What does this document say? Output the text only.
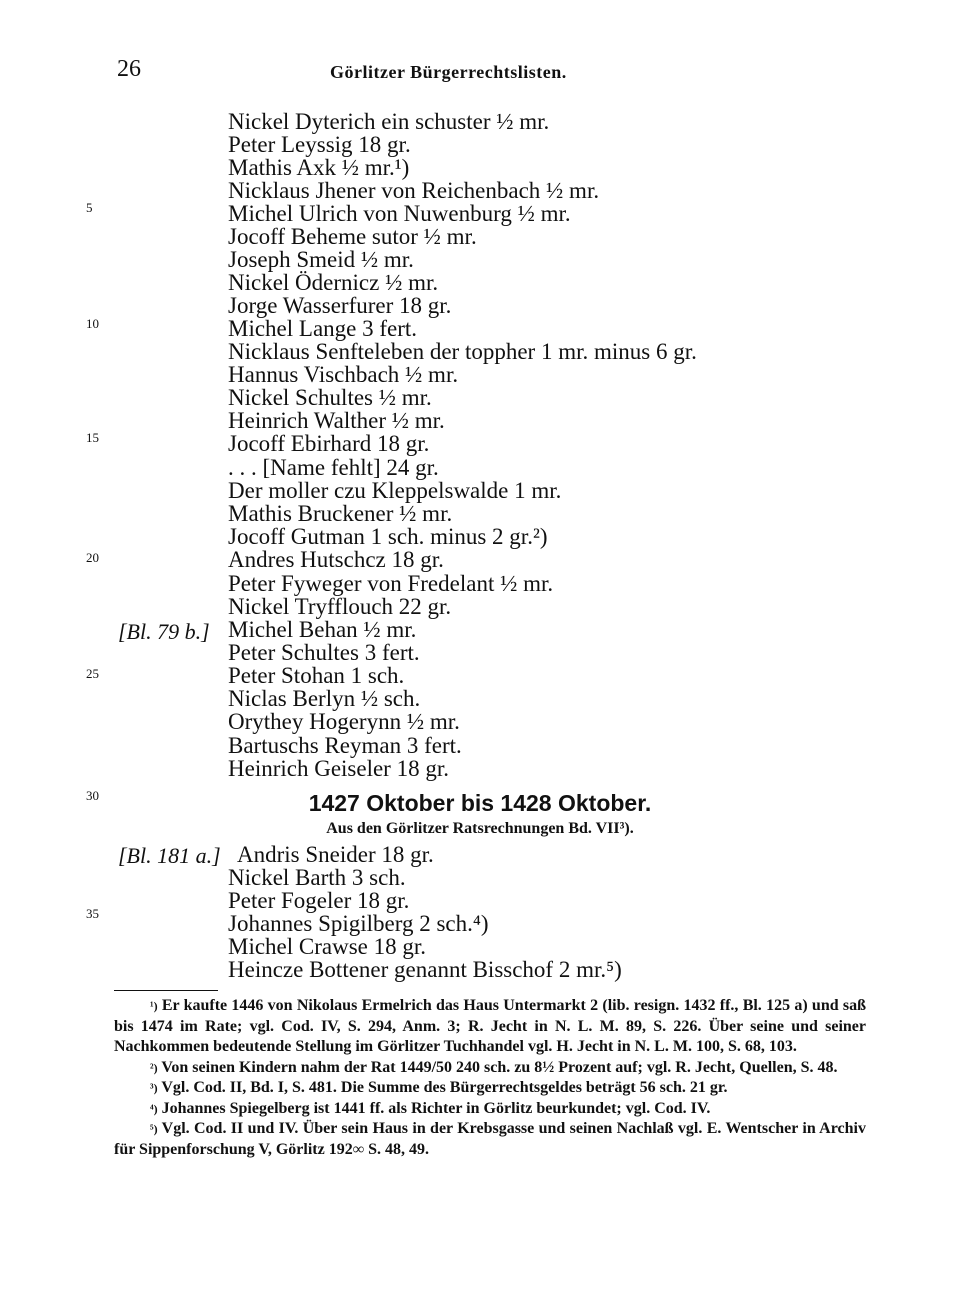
26	Görlitzer Bürgerrechtslisten.
5
10
15
20
25
30
35
[Bl. 79 b.]
[Bl. 181 a.]
Nickel Dyterich ein schuster ½ mr.
Peter Leyssig 18 gr.
Mathis Axk ½ mr.¹)
Nicklaus Jhener von Reichenbach ½ mr.
Michel Ulrich von Nuwenburg ½ mr.
Jocoff Beheme sutor ½ mr.
Joseph Smeid ½ mr.
Nickel Ödernicz ½ mr.
Jorge Wasserfurer 18 gr.
Michel Lange 3 fert.
Nicklaus Senfteleben der toppher 1 mr. minus 6 gr.
Hannus Vischbach ½ mr.
Nickel Schultes ½ mr.
Heinrich Walther ½ mr.
Jocoff Ebirhard 18 gr.
. . . [Name fehlt] 24 gr.
Der moller czu Kleppelswalde 1 mr.
Mathis Bruckener ½ mr.
Jocoff Gutman 1 sch. minus 2 gr.²)
Andres Hutschcz 18 gr.
Peter Fyweger von Fredelant ½ mr.
Nickel Tryfflouch 22 gr.
Michel Behan ½ mr.
Peter Schultes 3 fert.
Peter Stohan 1 sch.
Niclas Berlyn ½ sch.
Orythey Hogerynn ½ mr.
Bartuschs Reyman 3 fert.
Heinrich Geiseler 18 gr.
1427 Oktober bis 1428 Oktober.
Aus den Görlitzer Ratsrechnungen Bd. VII³).
Andris Sneider 18 gr.
Nickel Barth 3 sch.
Peter Fogeler 18 gr.
Johannes Spigilberg 2 sch.⁴)
Michel Crawse 18 gr.
Heincze Bottener genannt Bisschof 2 mr.⁵)

$^{^1)}$ Er kaufte 1446 von Nikolaus Ermelrich das Haus Untermarkt 2 (lib. resign. 1432 ff., Bl. 125 a) und saß bis 1474 im Rate; vgl. Cod. IV, S. 294, Anm. 3; R. Jecht in N. L. M. 89, S. 226. Über seine und seiner Nachkommen bedeutende Stellung im Görlitzer Tuchhandel vgl. H. Jecht in N. L. M. 100, S. 68, 103.

$^{^2)}$ Von seinen Kindern nahm der Rat 1449/50 240 sch. zu 8½ Prozent auf; vgl. R. Jecht, Quellen, S. 48.

$^{^3)}$ Vgl. Cod. II, Bd. I, S. 481. Die Summe des Bürgerrechtsgeldes beträgt 56 sch. 21 gr.

$^{^4)}$ Johannes Spiegelberg ist 1441 ff. als Richter in Görlitz beurkundet; vgl. Cod. IV.

$^{^5)}$ Vgl. Cod. II und IV. Über sein Haus in der Krebsgasse und seinen Nachlaß vgl. E. Wentscher in Archiv für Sippenforschung V, Görlitz 192∞ S. 48, 49.
